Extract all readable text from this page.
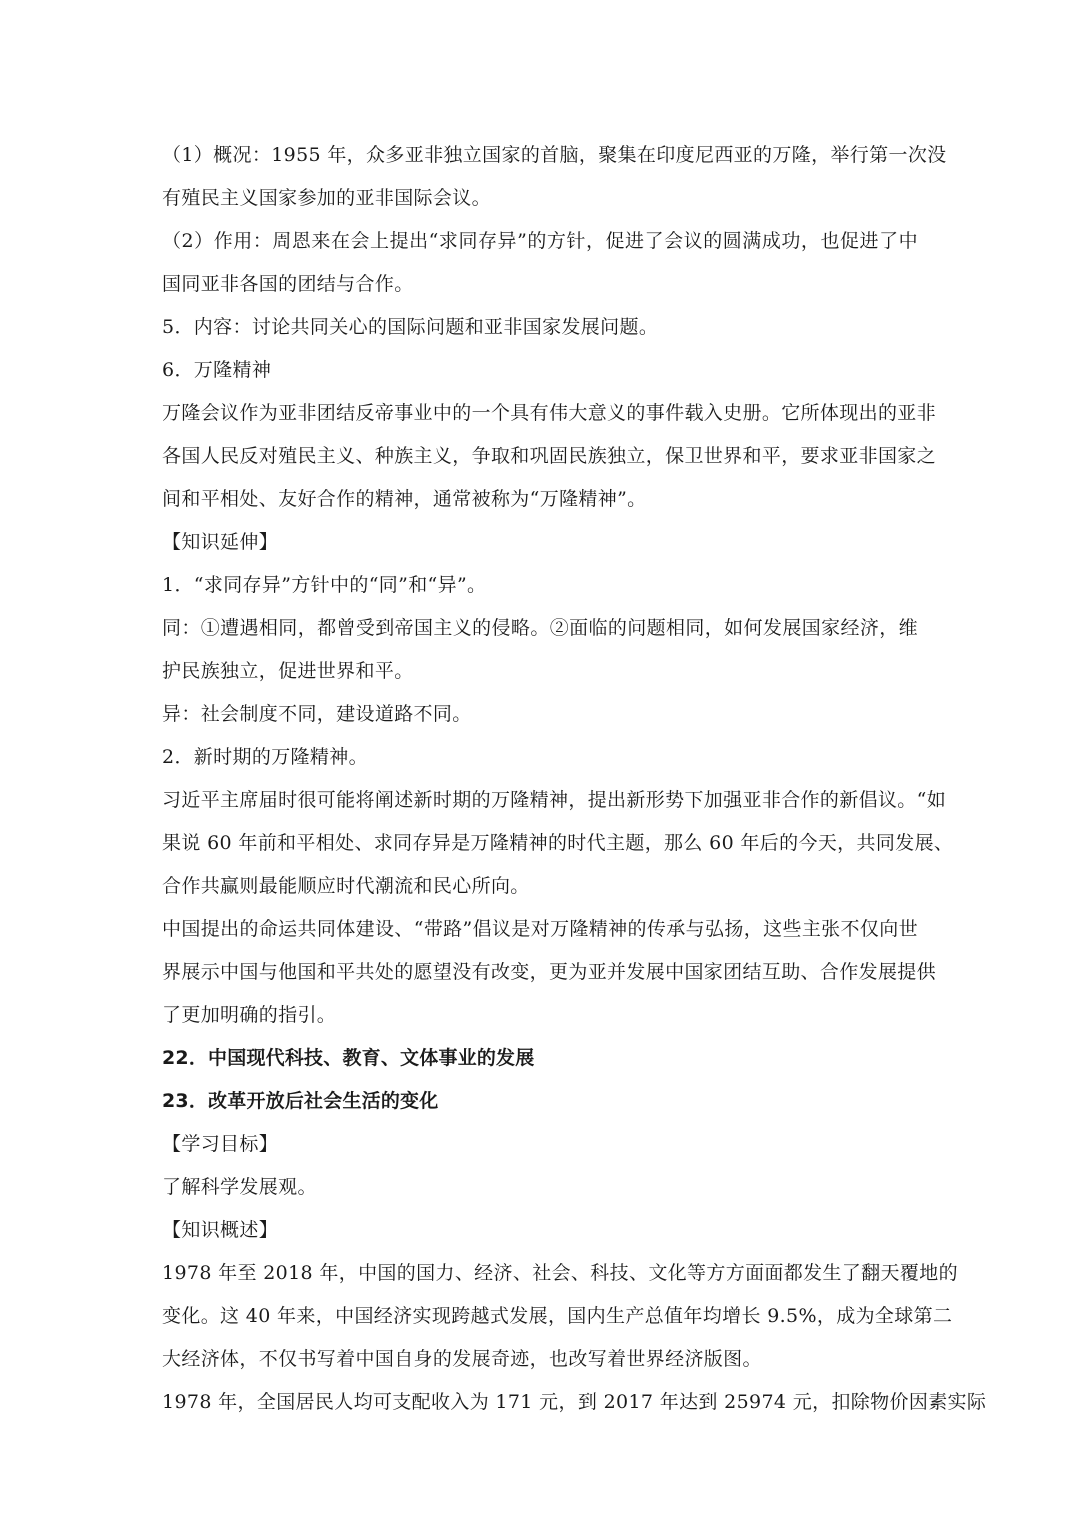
（1）概况：1955 年，众多亚非独立国家的首脑，聚集在印度尼西亚的万隆，举行第一次没
有殖民主义国家参加的亚非国际会议。
（2）作用：周恩来在会上提出“求同存异”的方针，促进了会议的圆满成功，也促进了中
国同亚非各国的团结与合作。
5．内容：讨论共同关心的国际问题和亚非国家发展问题。
6．万隆精神
万隆会议作为亚非团结反帝事业中的一个具有伟大意义的事件载入史册。它所体现出的亚非
各国人民反对殖民主义、种族主义，争取和巩固民族独立，保卫世界和平，要求亚非国家之
间和平相处、友好合作的精神，通常被称为“万隆精神”。
【知识延伸】
1．“求同存异”方针中的“同”和“异”。
同：①遭遇相同，都曾受到帝国主义的侵略。②面临的问题相同，如何发展国家经济，维
护民族独立，促进世界和平。
异：社会制度不同，建设道路不同。
2．新时期的万隆精神。
习近平主席届时很可能将阐述新时期的万隆精神，提出新形势下加强亚非合作的新倡议。“如
果说 60 年前和平相处、求同存异是万隆精神的时代主题，那么 60 年后的今天，共同发展、
合作共赢则最能顺应时代潮流和民心所向。
中国提出的命运共同体建设、“带路”倡议是对万隆精神的传承与弘扬，这些主张不仅向世
界展示中国与他国和平共处的愿望没有改变，更为亚并发展中国家团结互助、合作发展提供
了更加明确的指引。
22．中国现代科技、教育、文体事业的发展
23．改革开放后社会生活的变化
【学习目标】
了解科学发展观。
【知识概述】
1978 年至 2018 年，中国的国力、经济、社会、科技、文化等方方面面都发生了翻天覆地的
变化。这 40 年来，中国经济实现跨越式发展，国内生产总值年均增长 9.5%，成为全球第二
大经济体，不仅书写着中国自身的发展奇迹，也改写着世界经济版图。
1978 年，全国居民人均可支配收入为 171 元，到 2017 年达到 25974 元，扣除物价因素实际
